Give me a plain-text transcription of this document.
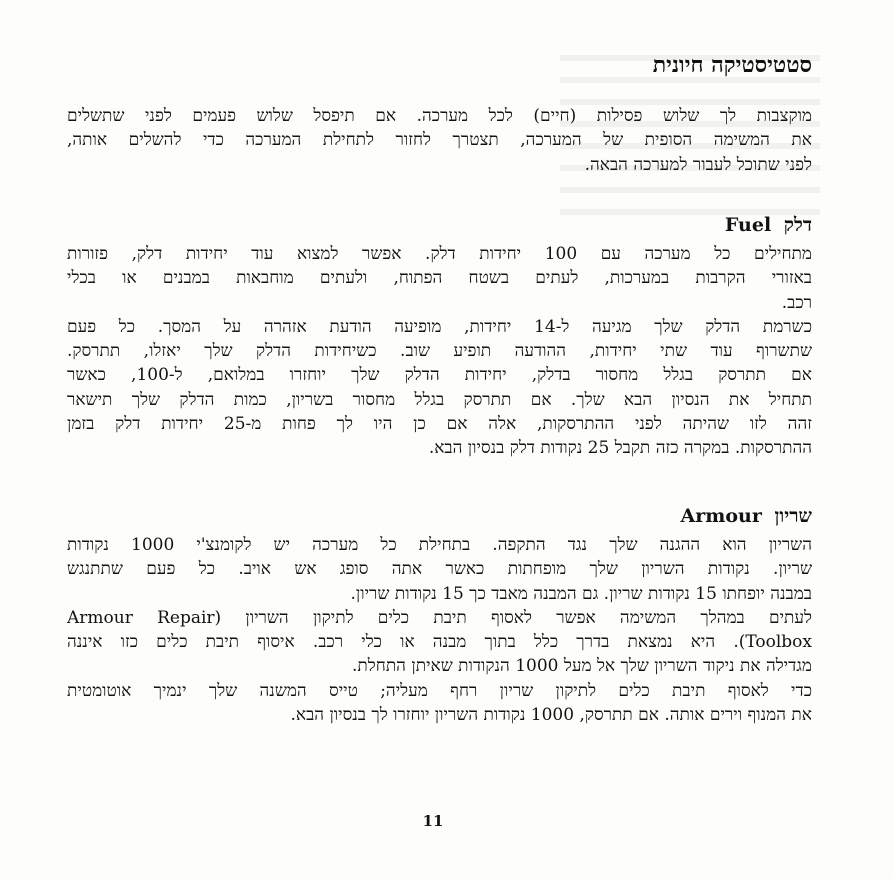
סטטיסטיקה חיונית
מוקצבות לך שלוש פסילות (חיים) לכל מערכה. אם תיפסל שלוש פעמים לפני שתשלים
את המשימה הסופית של המערכה, תצטרך לחזור לתחילת המערכה כדי להשלים אותה,
לפני שתוכל לעבור למערכה הבאה.
דלק Fuel
מתחילים כל מערכה עם 100 יחידות דלק. אפשר למצוא עוד יחידות דלק, פזורות
באזורי הקרבות במערכות, לעתים בשטח הפתוח, ולעתים מוחבאות במבנים או בכלי
רכב.
כשרמת הדלק שלך מגיעה ל-14 יחידות, מופיעה הודעת אזהרה על המסך. כל פעם
שתשרוף עוד שתי יחידות, ההודעה תופיע שוב. כשיחידות הדלק שלך יאזלו, תתרסק.
אם תתרסק בגלל מחסור בדלק, יחידות הדלק שלך יוחזרו במלואם, ל-100, כאשר
תתחיל את הנסיון הבא שלך. אם תתרסק בגלל מחסור בשריון, כמות הדלק שלך תישאר
זהה לזו שהיתה לפני ההתרסקות, אלה אם כן היו לך פחות מ-25 יחידות דלק בזמן
ההתרסקות. במקרה כזה תקבל 25 נקודות דלק בנסיון הבא.
שריון Armour
השריון הוא ההגנה שלך נגד התקפה. בתחילת כל מערכה יש לקומנצ'י 1000 נקודות
שריון. נקודות השריון שלך מופחתות כאשר אתה סופג אש אויב. כל פעם שתתנגש
במבנה יופחתו 15 נקודות שריון. גם המבנה מאבד כך 15 נקודות שריון.
לעתים במהלך המשימה אפשר לאסוף תיבת כלים לתיקון השריון (Armour Repair
Toolbox). היא נמצאת בדרך כלל בתוך מבנה או כלי רכב. איסוף תיבת כלים כזו איננה
מגדילה את ניקוד השריון שלך אל מעל 1000 הנקודות שאיתן התחלת.
כדי לאסוף תיבת כלים לתיקון שריון רחף מעליה; טייס המשנה שלך ינמיך אוטומטית
את המנוף וירים אותה. אם תתרסק, 1000 נקודות השריון יוחזרו לך בנסיון הבא.
11
